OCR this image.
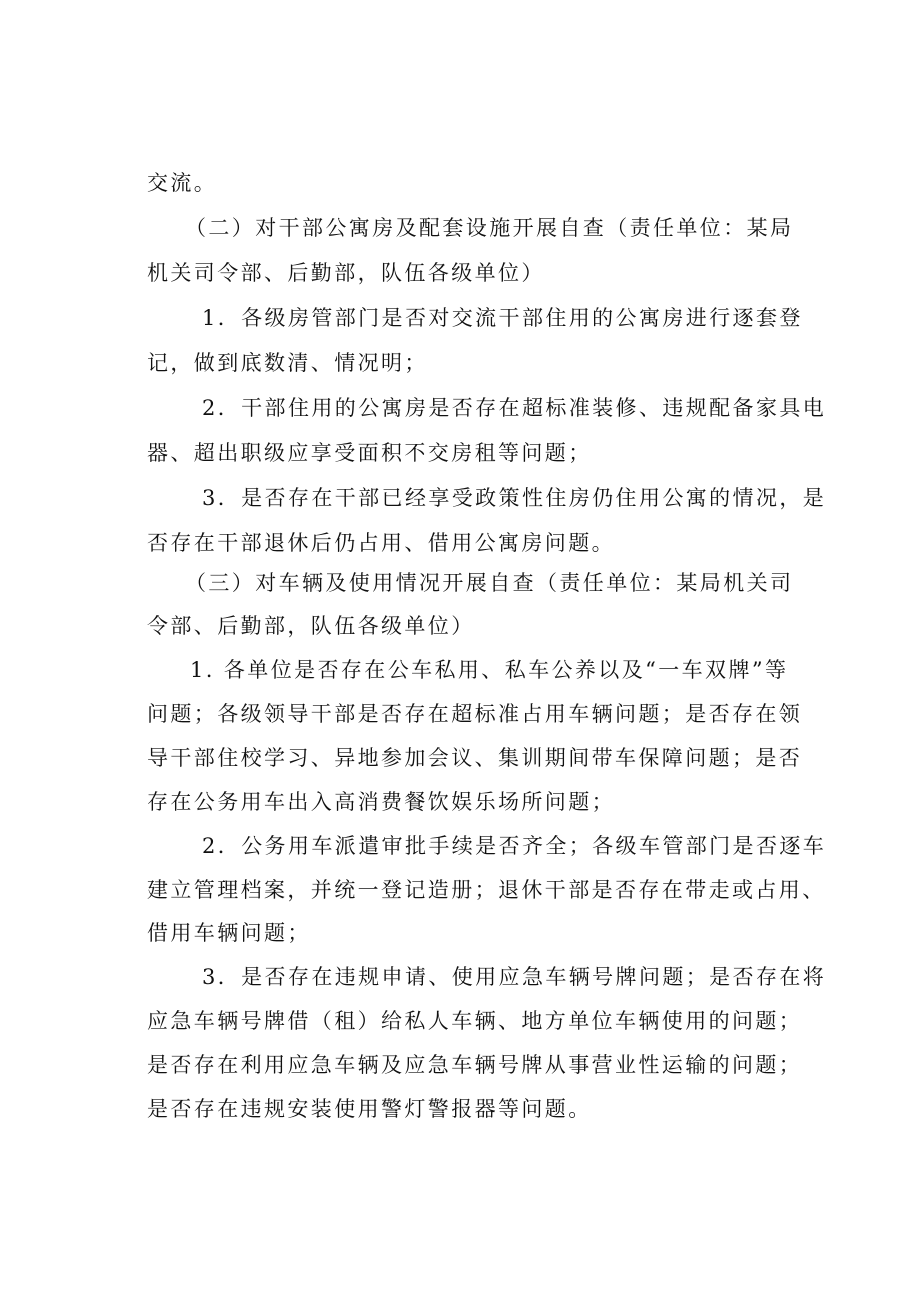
交流。

（二）对干部公寓房及配套设施开展自查（责任单位：某局

机关司令部、后勤部，队伍各级单位）

1．各级房管部门是否对交流干部住用的公寓房进行逐套登

记，做到底数清、情况明；

2．干部住用的公寓房是否存在超标准装修、违规配备家具电

器、超出职级应享受面积不交房租等问题；

3．是否存在干部已经享受政策性住房仍住用公寓的情况，是

否存在干部退休后仍占用、借用公寓房问题。

（三）对车辆及使用情况开展自查（责任单位：某局机关司

令部、后勤部，队伍各级单位）

1. 各单位是否存在公车私用、私车公养以及“一车双牌”等

问题；各级领导干部是否存在超标准占用车辆问题；是否存在领

导干部住校学习、异地参加会议、集训期间带车保障问题；是否

存在公务用车出入高消费餐饮娱乐场所问题；

2．公务用车派遣审批手续是否齐全；各级车管部门是否逐车

建立管理档案，并统一登记造册；退休干部是否存在带走或占用、

借用车辆问题；

3．是否存在违规申请、使用应急车辆号牌问题；是否存在将

应急车辆号牌借（租）给私人车辆、地方单位车辆使用的问题；

是否存在利用应急车辆及应急车辆号牌从事营业性运输的问题；

是否存在违规安装使用警灯警报器等问题。
